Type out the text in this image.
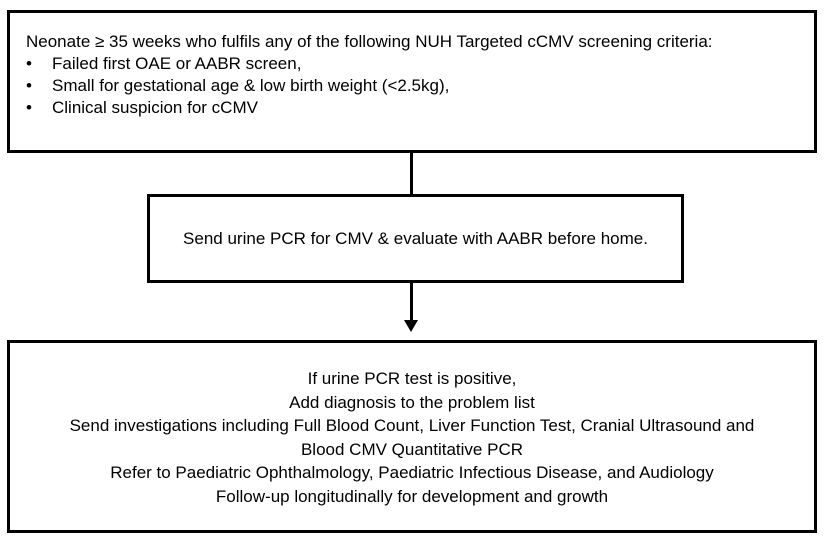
Neonate ≥ 35 weeks who fulfils any of the following NUH Targeted cCMV screening criteria:

• Failed first OAE or AABR screen,
• Small for gestational age & low birth weight (<2.5kg),
• Clinical suspicion for cCMV
Send urine PCR for CMV & evaluate with AABR before home.
If urine PCR test is positive,
Add diagnosis to the problem list
Send investigations including Full Blood Count, Liver Function Test, Cranial Ultrasound and
Blood CMV Quantitative PCR
Refer to Paediatric Ophthalmology, Paediatric Infectious Disease, and Audiology
Follow-up longitudinally for development and growth
